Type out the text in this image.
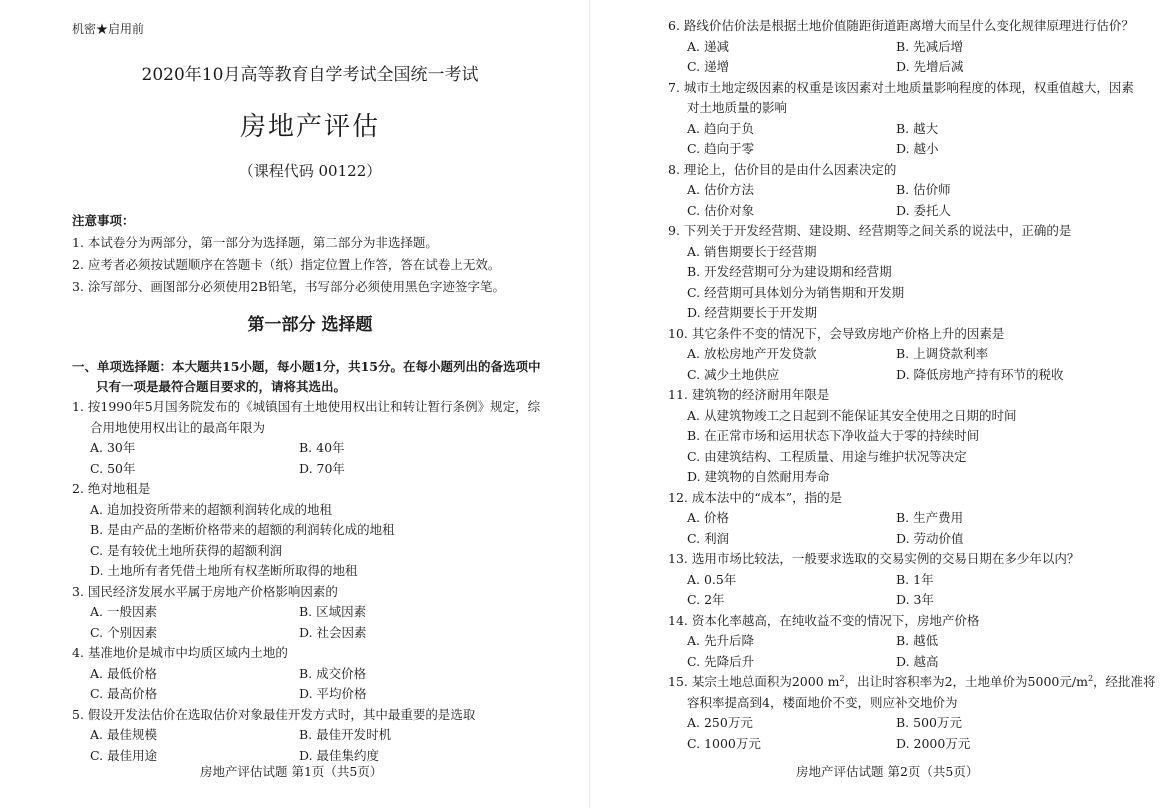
机密★启用前
2020年10月高等教育自学考试全国统一考试
房地产评估
（课程代码 00122）
注意事项：
1. 本试卷分为两部分，第一部分为选择题，第二部分为非选择题。
2. 应考者必须按试题顺序在答题卡（纸）指定位置上作答，答在试卷上无效。
3. 涂写部分、画图部分必须使用2B铅笔，书写部分必须使用黑色字迹签字笔。
第一部分 选择题
一、单项选择题：本大题共15小题，每小题1分，共15分。在每小题列出的备选项中
只有一项是最符合题目要求的，请将其选出。
1. 按1990年5月国务院发布的《城镇国有土地使用权出让和转让暂行条例》规定，综
合用地使用权出让的最高年限为
A. 30年	B. 40年
C. 50年	D. 70年
2. 绝对地租是
A. 追加投资所带来的超额利润转化成的地租
B. 是由产品的垄断价格带来的超额的利润转化成的地租
C. 是有较优土地所获得的超额利润
D. 土地所有者凭借土地所有权垄断所取得的地租
3. 国民经济发展水平属于房地产价格影响因素的
A. 一般因素	B. 区域因素
C. 个别因素	D. 社会因素
4. 基准地价是城市中均质区域内土地的
A. 最低价格	B. 成交价格
C. 最高价格	D. 平均价格
5. 假设开发法估价在选取估价对象最佳开发方式时，其中最重要的是选取
A. 最佳规模	B. 最佳开发时机
C. 最佳用途	D. 最佳集约度
房地产评估试题 第1页（共5页）
6. 路线价估价法是根据土地价值随距街道距离增大而呈什么变化规律原理进行估价？
A. 递减	B. 先减后增
C. 递增	D. 先增后减
7. 城市土地定级因素的权重是该因素对土地质量影响程度的体现，权重值越大，因素
对土地质量的影响
A. 趋向于负	B. 越大
C. 趋向于零	D. 越小
8. 理论上，估价目的是由什么因素决定的
A. 估价方法	B. 估价师
C. 估价对象	D. 委托人
9. 下列关于开发经营期、建设期、经营期等之间关系的说法中，正确的是
A. 销售期要长于经营期
B. 开发经营期可分为建设期和经营期
C. 经营期可具体划分为销售期和开发期
D. 经营期要长于开发期
10. 其它条件不变的情况下，会导致房地产价格上升的因素是
A. 放松房地产开发贷款	B. 上调贷款利率
C. 减少土地供应	D. 降低房地产持有环节的税收
11. 建筑物的经济耐用年限是
A. 从建筑物竣工之日起到不能保证其安全使用之日期的时间
B. 在正常市场和运用状态下净收益大于零的持续时间
C. 由建筑结构、工程质量、用途与维护状况等决定
D. 建筑物的自然耐用寿命
12. 成本法中的“成本”，指的是
A. 价格	B. 生产费用
C. 利润	D. 劳动价值
13. 选用市场比较法，一般要求选取的交易实例的交易日期在多少年以内？
A. 0.5年	B. 1年
C. 2年	D. 3年
14. 资本化率越高，在纯收益不变的情况下，房地产价格
A. 先升后降	B. 越低
C. 先降后升	D. 越高
15. 某宗土地总面积为2000 $m^2$，出让时容积率为2，土地单价为5000元$/m^2$，经批准将
容积率提高到4，楼面地价不变，则应补交地价为
A. 250万元	B. 500万元
C. 1000万元	D. 2000万元
房地产评估试题 第2页（共5页）
